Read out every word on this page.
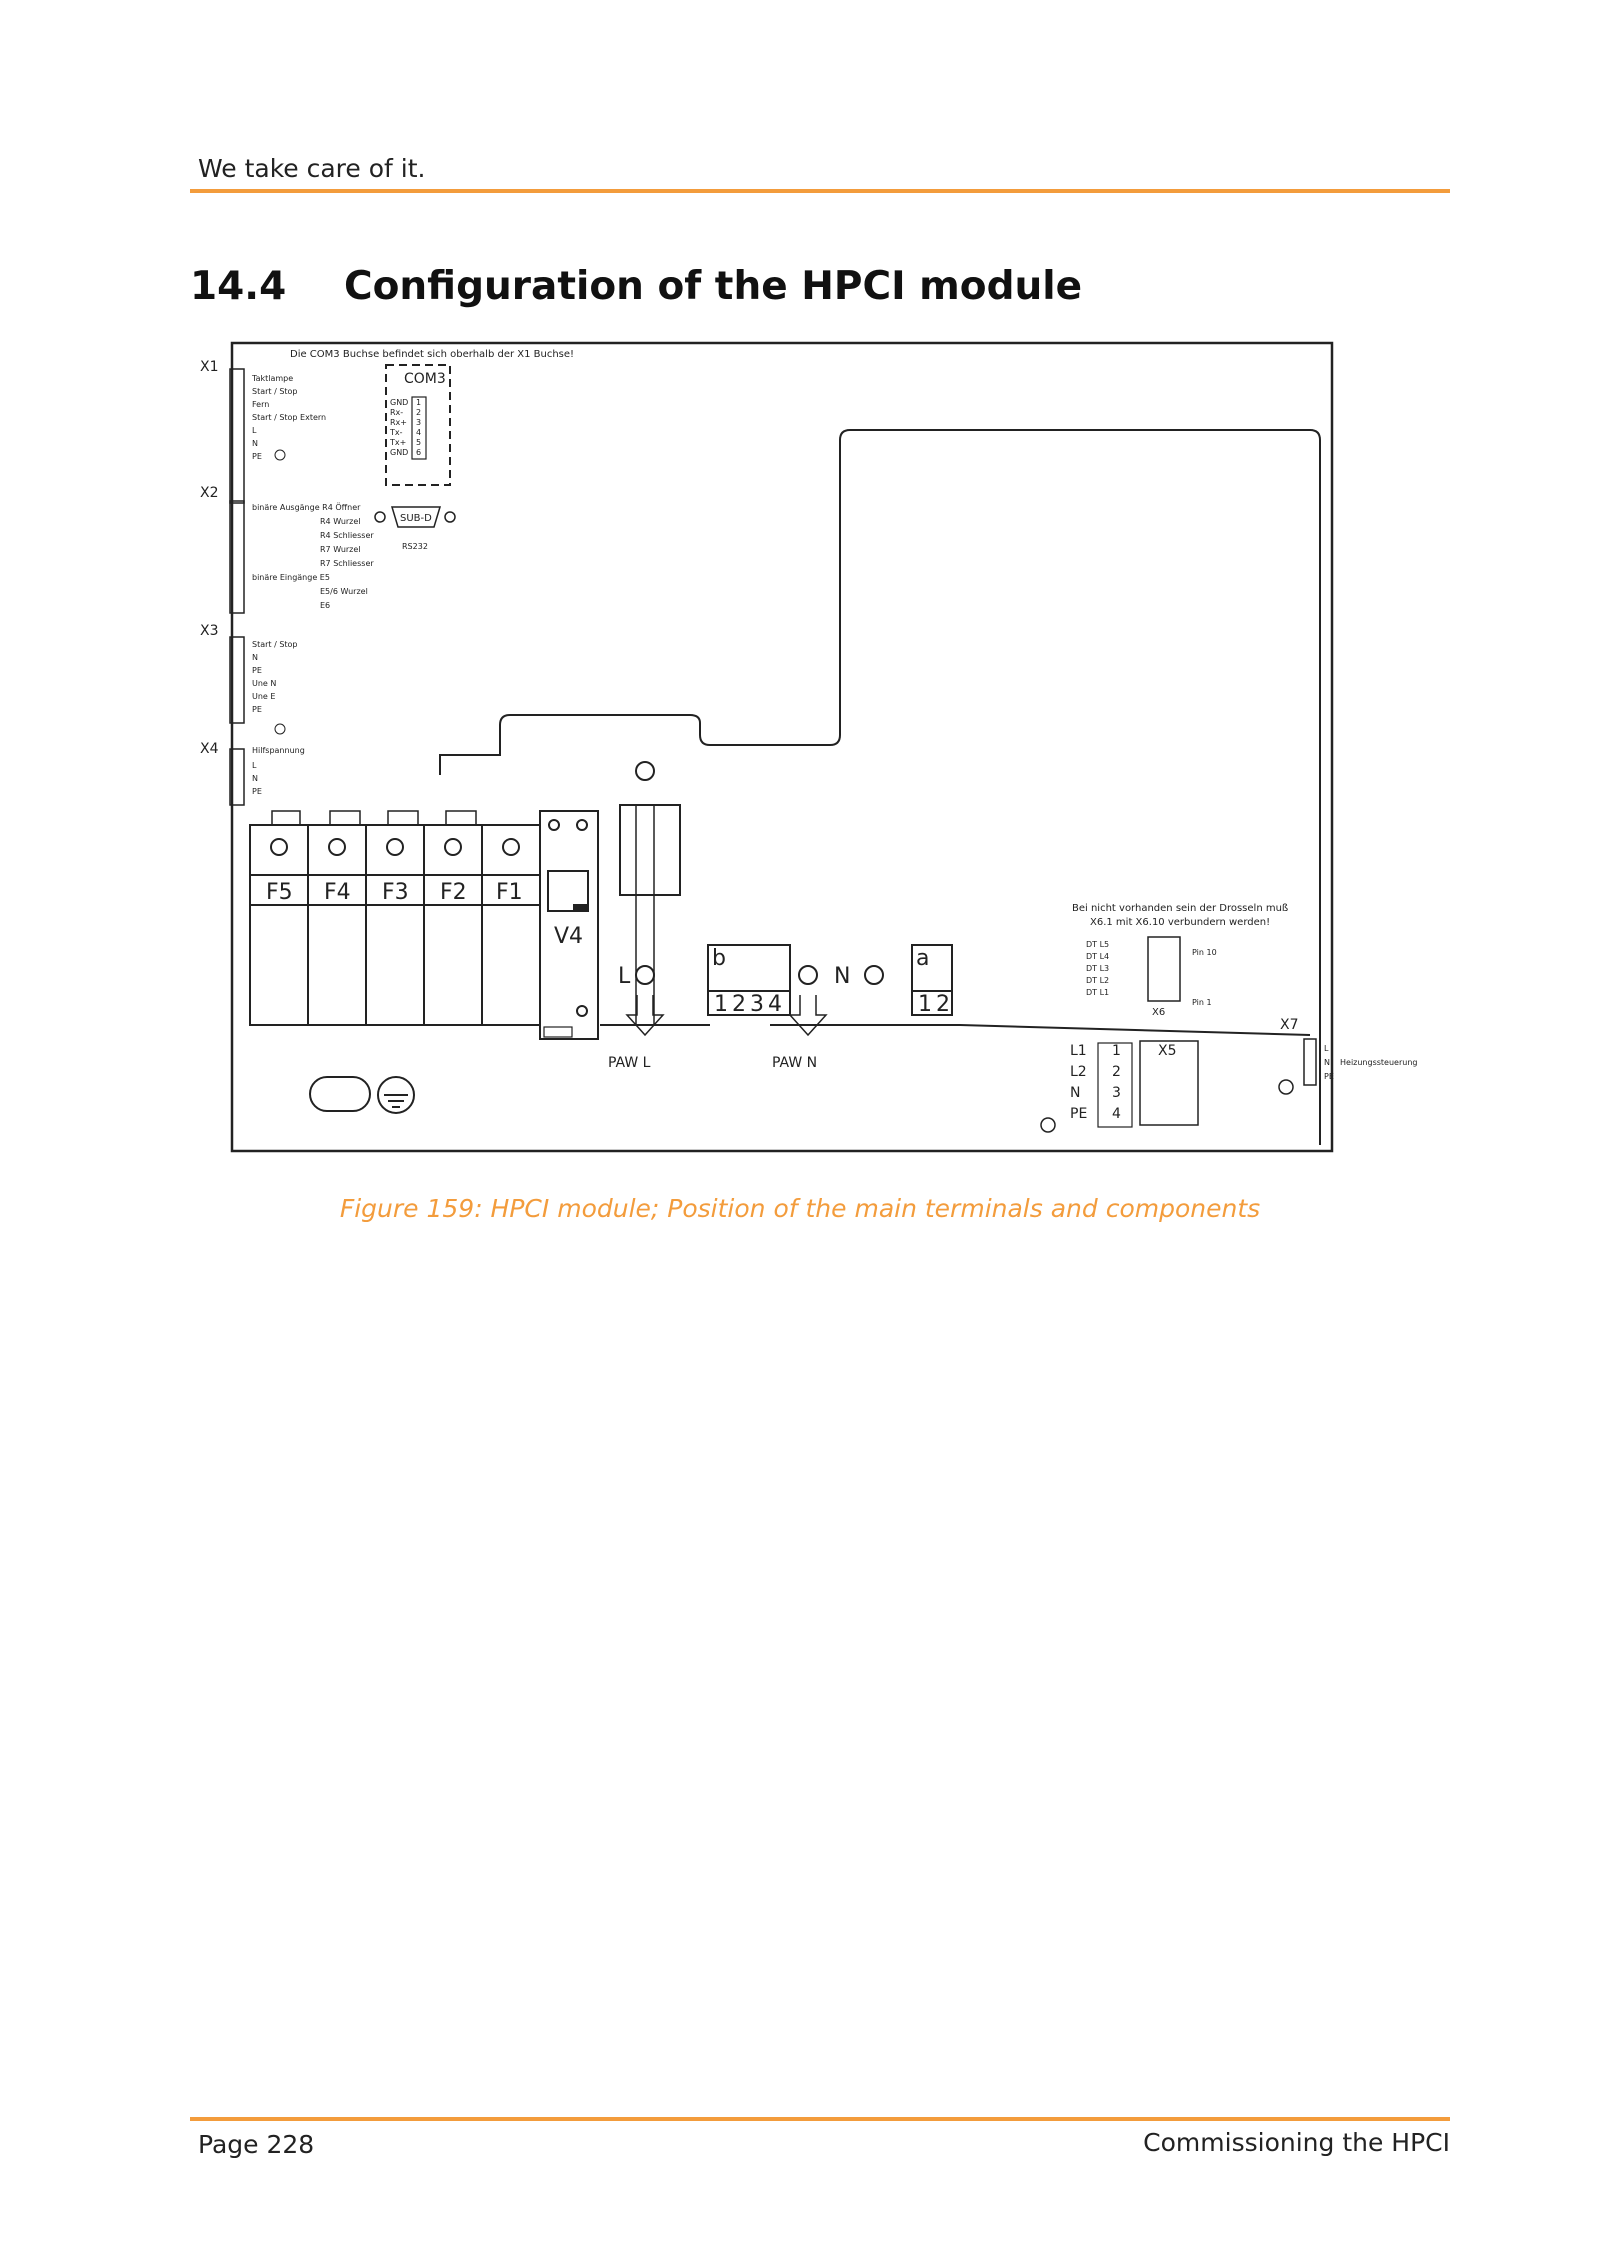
We take care of it.
14.4 Configuration of the HPCI module
Die COM3 Buchse befindet sich oberhalb der X1 Buchse!
COM3
GND
Rx-
Rx+
Tx-
Tx+
GND
1
2
3
4
5
6
SUB-D
RS232
X1
Taktlampe
Start / Stop
Fern
Start / Stop Extern
L
N
PE
X2
binäre Ausgänge R4 Öffner
R4 Wurzel
R4 Schliesser
R7 Wurzel
R7 Schliesser
binäre Eingänge E5
E5/6 Wurzel
E6
X3
Start / Stop
N
PE
Une N
Une E
PE
X4	Hilfspannung
L
N
PE
F5 F4 F3 F2 F1
V4
L
PAW L
b
1 2 3 4
N
PAW N
a
1 2
Bei nicht vorhanden sein der Drosseln muß
X6.1 mit X6.10 verbundern werden!
DT L5
DT L4
DT L3
DT L2
DT L1
Pin 10
Pin 1
X6
X5
L1 1
L2 2
N 3
PE 4
X7
L
N Heizungssteuerung
PE
Figure 159: HPCI module; Position of the main terminals and components
Page 228	Commissioning the HPCI
